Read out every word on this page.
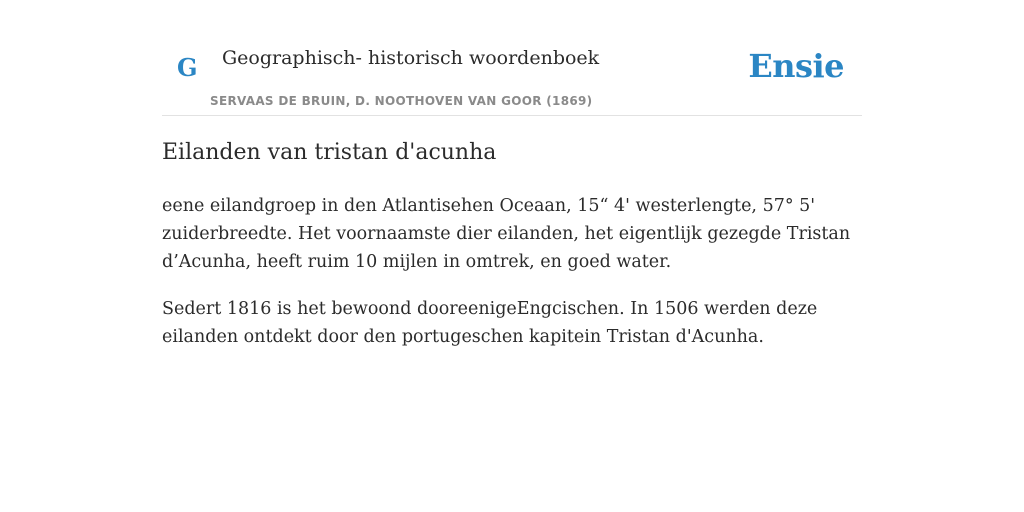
G Geographisch- historisch woordenboek
SERVAAS DE BRUIN, D. NOOTHOVEN VAN GOOR (1869)
Ensie
Eilanden van tristan d'acunha

eene eilandgroep in den Atlantisehen Oceaan, 15“ 4' westerlengte, 57° 5' zuiderbreedte. Het voornaamste dier eilanden, het eigentlijk gezegde Tristan d’Acunha, heeft ruim 10 mijlen in omtrek, en goed water.

Sedert 1816 is het bewoond dooreenigeEngcischen. In 1506 werden deze eilanden ontdekt door den portugeschen kapitein Tristan d'Acunha.
